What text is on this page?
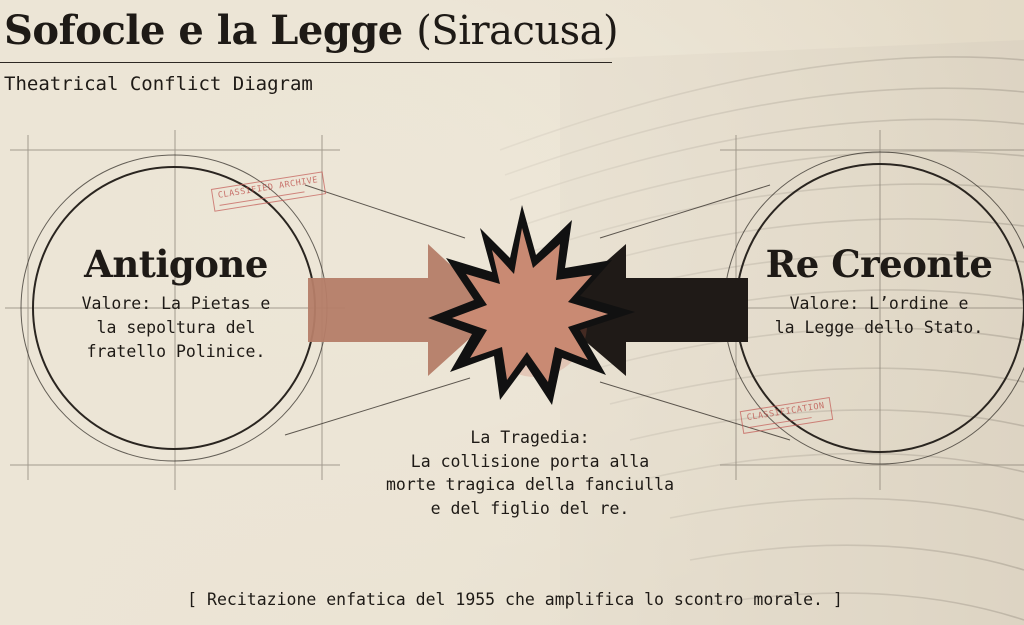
Sofocle e la Legge (Siracusa)
Theatrical Conflict Diagram
CLASSIFIED ARCHIVE
CLASSIFICATION
Antigone
Valore: La Pietas e
la sepoltura del
fratello Polinice.
Re Creonte
Valore: L’ordine e
la Legge dello Stato.
La Tragedia:
La collisione porta alla
morte tragica della fanciulla
e del figlio del re.
[ Recitazione enfatica del 1955 che amplifica lo scontro morale. ]
